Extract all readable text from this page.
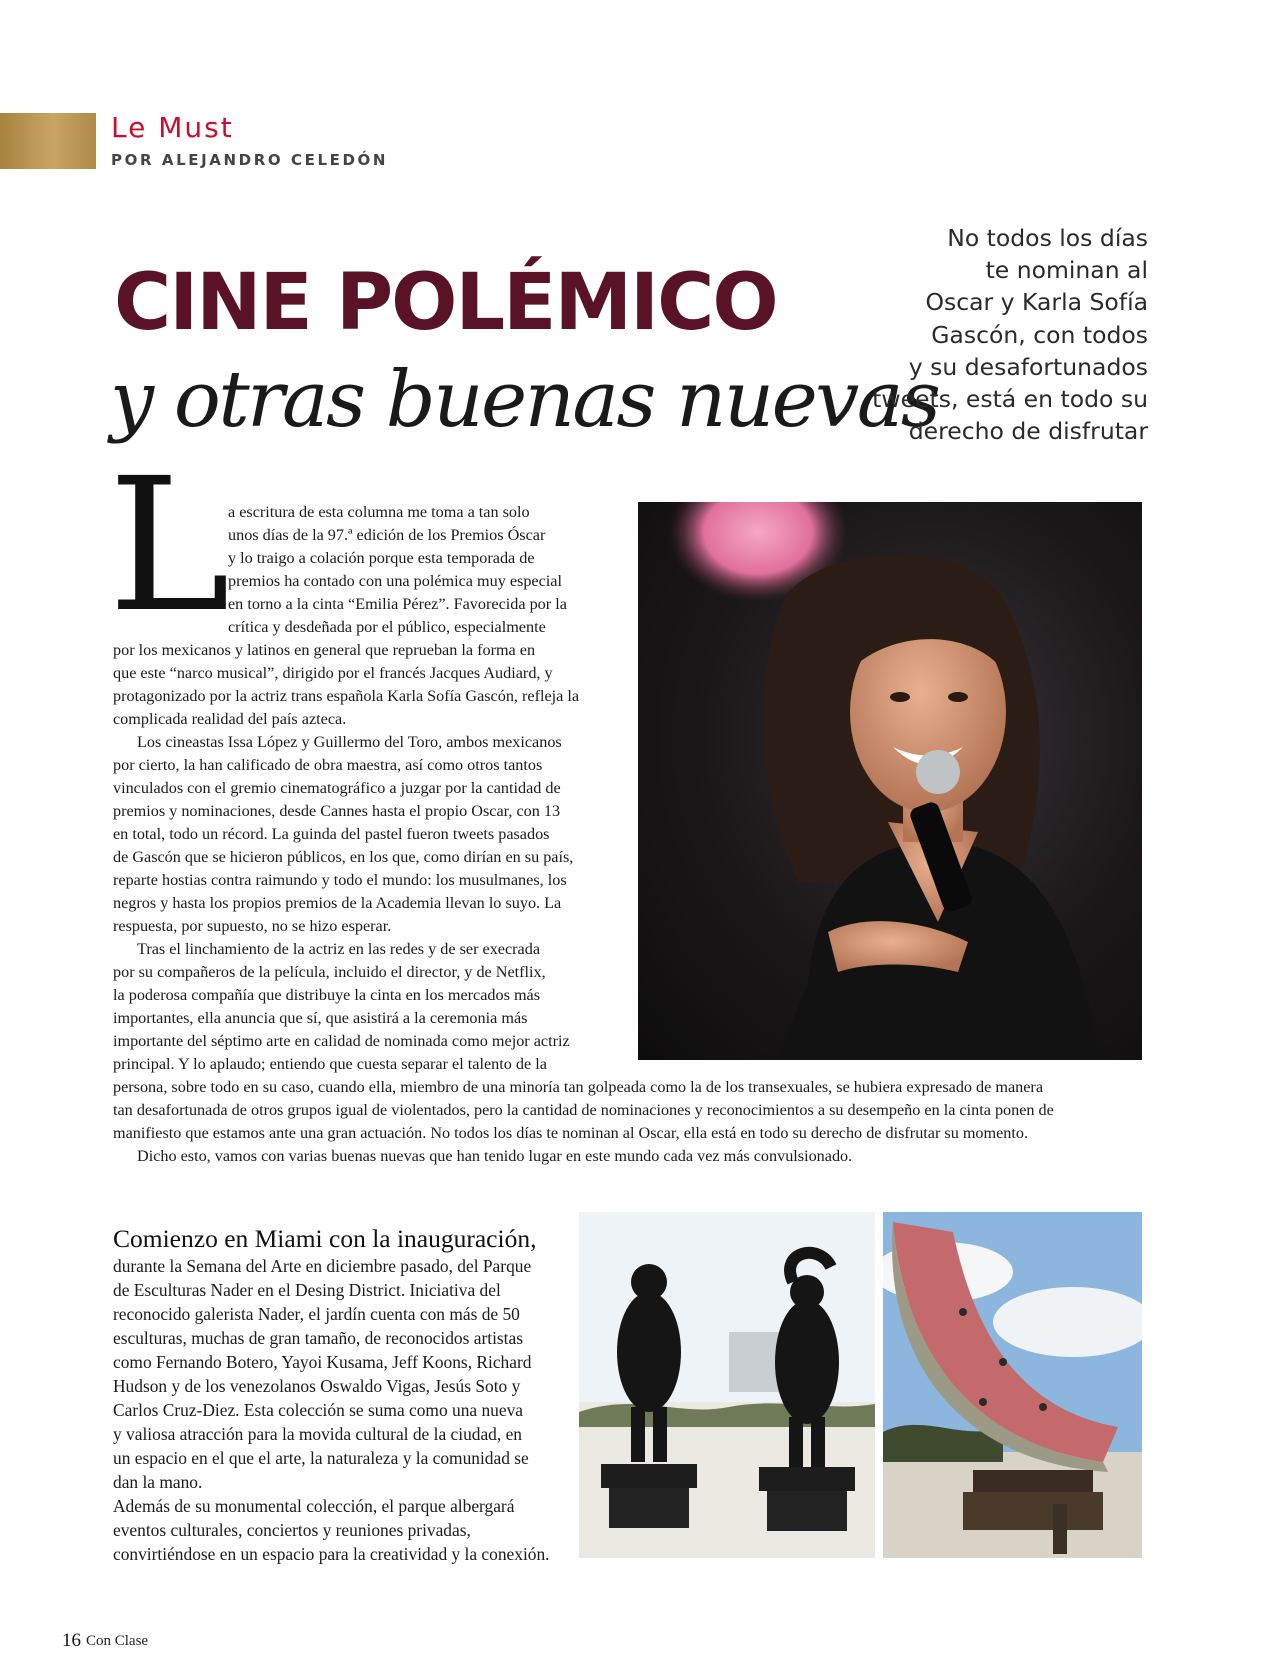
Le Must
POR ALEJANDRO CELEDÓN
CINE POLÉMICO
y otras buenas nuevas
No todos los días
te nominan al
Oscar y Karla Sofía
Gascón, con todos
y su desafortunados
tweets, está en todo su
derecho de disfrutar
L
a escritura de esta columna me toma a tan solo
unos días de la 97.ª edición de los Premios Óscar
y lo traigo a colación porque esta temporada de
premios ha contado con una polémica muy especial
en torno a la cinta “Emilia Pérez”. Favorecida por la
crítica y desdeñada por el público, especialmente
por los mexicanos y latinos en general que reprueban la forma en
que este “narco musical”, dirigido por el francés Jacques Audiard, y
protagonizado por la actriz trans española Karla Sofía Gascón, refleja la
complicada realidad del país azteca.
Los cineastas Issa López y Guillermo del Toro, ambos mexicanos
por cierto, la han calificado de obra maestra, así como otros tantos
vinculados con el gremio cinematográfico a juzgar por la cantidad de
premios y nominaciones, desde Cannes hasta el propio Oscar, con 13
en total, todo un récord. La guinda del pastel fueron tweets pasados
de Gascón que se hicieron públicos, en los que, como dirían en su país,
reparte hostias contra raimundo y todo el mundo: los musulmanes, los
negros y hasta los propios premios de la Academia llevan lo suyo. La
respuesta, por supuesto, no se hizo esperar.
Tras el linchamiento de la actriz en las redes y de ser execrada
por su compañeros de la película, incluido el director, y de Netflix,
la poderosa compañía que distribuye la cinta en los mercados más
importantes, ella anuncia que sí, que asistirá a la ceremonia más
importante del séptimo arte en calidad de nominada como mejor actriz
principal. Y lo aplaudo; entiendo que cuesta separar el talento de la
persona, sobre todo en su caso, cuando ella, miembro de una minoría tan golpeada como la de los transexuales, se hubiera expresado de manera
tan desafortunada de otros grupos igual de violentados, pero la cantidad de nominaciones y reconocimientos a su desempeño en la cinta ponen de
manifiesto que estamos ante una gran actuación. No todos los días te nominan al Oscar, ella está en todo su derecho de disfrutar su momento.
Dicho esto, vamos con varias buenas nuevas que han tenido lugar en este mundo cada vez más convulsionado.
durante la Semana del Arte en diciembre pasado, del Parque
de Esculturas Nader en el Desing District. Iniciativa del
reconocido galerista Nader, el jardín cuenta con más de 50
esculturas, muchas de gran tamaño, de reconocidos artistas
como Fernando Botero, Yayoi Kusama, Jeff Koons, Richard
Hudson y de los venezolanos Oswaldo Vigas, Jesús Soto y
Carlos Cruz-Diez. Esta colección se suma como una nueva
y valiosa atracción para la movida cultural de la ciudad, en
un espacio en el que el arte, la naturaleza y la comunidad se
dan la mano.
Además de su monumental colección, el parque albergará
eventos culturales, conciertos y reuniones privadas,
convirtiéndose en un espacio para la creatividad y la conexión.
Comienzo en Miami con la inauguración,
16 Con Clase
